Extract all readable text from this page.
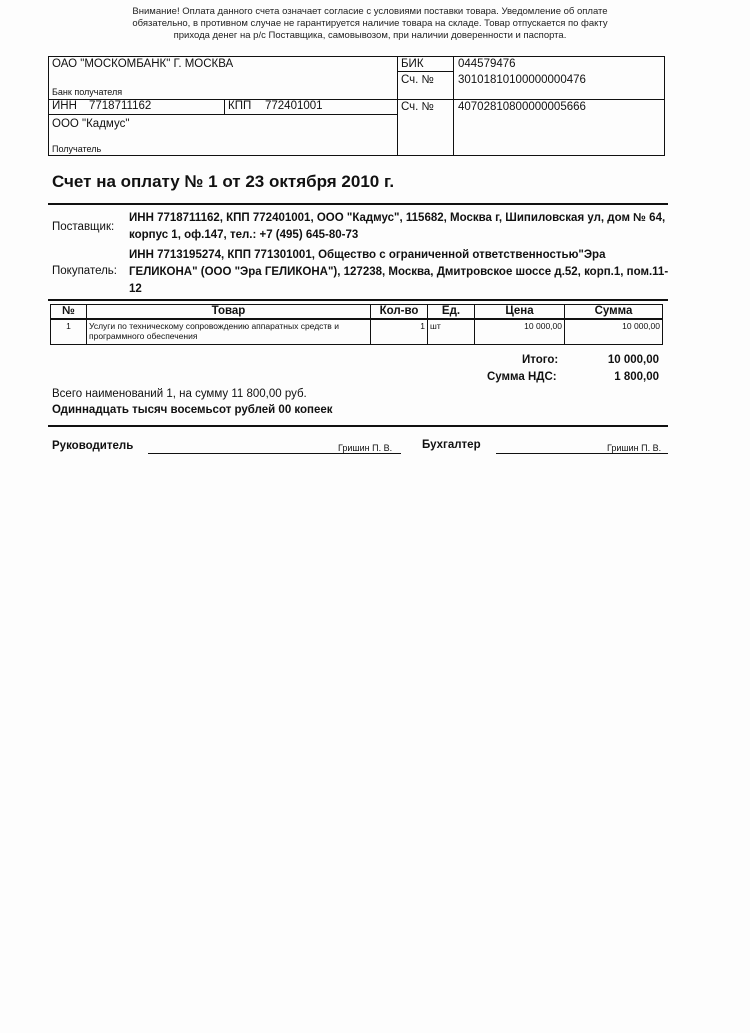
Внимание! Оплата данного счета означает согласие с условиями поставки товара. Уведомление об оплате
обязательно, в противном случае не гарантируется наличие товара на складе. Товар отпускается по факту
прихода денег на р/с Поставщика, самовывозом, при наличии доверенности и паспорта.
ОАО "МОСКОМБАНК" Г. МОСКВА
Банк получателя
БИК	044579476
Сч. № 30101810100000000476
ИНН 7718711162	КПП 772401001	Сч. № 40702810800000005666
ООО "Кадмус"
Получатель
Счет на оплату № 1 от 23 октября 2010 г.
Поставщик:
ИНН 7718711162, КПП 772401001, ООО "Кадмус", 115682, Москва г, Шипиловская ул, дом № 64, корпус 1, оф.147, тел.: +7 (495) 645-80-73
Покупатель:
ИНН 7713195274, КПП 771301001, Общество с ограниченной ответственностью"Эра ГЕЛИКОНА" (ООО "Эра ГЕЛИКОНА"), 127238, Москва, Дмитровское шоссе д.52, корп.1, пом.11-12
№	Товар	Кол-во	Ед.	Цена	Сумма
1	Услуги по техническому сопровождению аппаратных средств и программного обеспечения	1	шт	10 000,00	10 000,00
Итого:	10 000,00
Сумма НДС:	1 800,00
Всего наименований 1, на сумму 11 800,00 руб.
Одиннадцать тысяч восемьсот рублей 00 копеек
Руководитель	Гришин П. В.	Бухгалтер	Гришин П. В.
